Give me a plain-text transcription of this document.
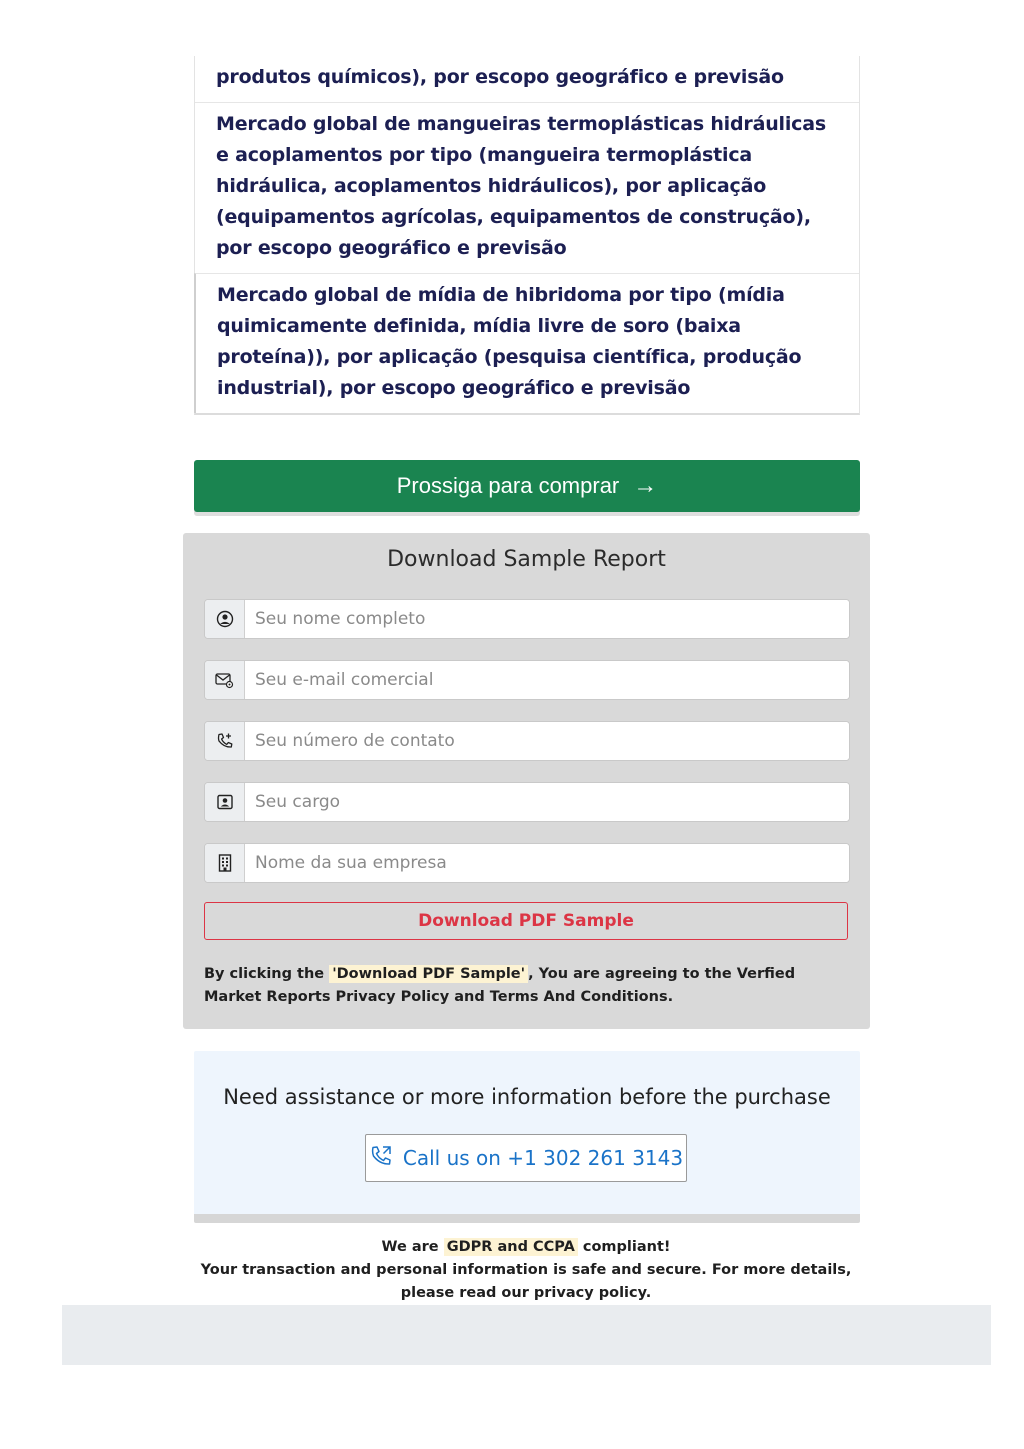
produtos químicos), por escopo geográfico e previsão
Mercado global de mangueiras termoplásticas hidráulicas e acoplamentos por tipo (mangueira termoplástica hidráulica, acoplamentos hidráulicos), por aplicação (equipamentos agrícolas, equipamentos de construção), por escopo geográfico e previsão
Mercado global de mídia de hibridoma por tipo (mídia quimicamente definida, mídia livre de soro (baixa proteína)), por aplicação (pesquisa científica, produção industrial), por escopo geográfico e previsão
Prossiga para comprar →
Download Sample Report
Seu nome completo
Seu e-mail comercial
Seu número de contato
Seu cargo
Nome da sua empresa
Download PDF Sample
By clicking the 'Download PDF Sample' , You are agreeing to the Verfied Market Reports Privacy Policy and Terms And Conditions.
Need assistance or more information before the purchase
Call us on +1 302 261 3143
We are GDPR and CCPA compliant!
Your transaction and personal information is safe and secure. For more details, please read our privacy policy.
